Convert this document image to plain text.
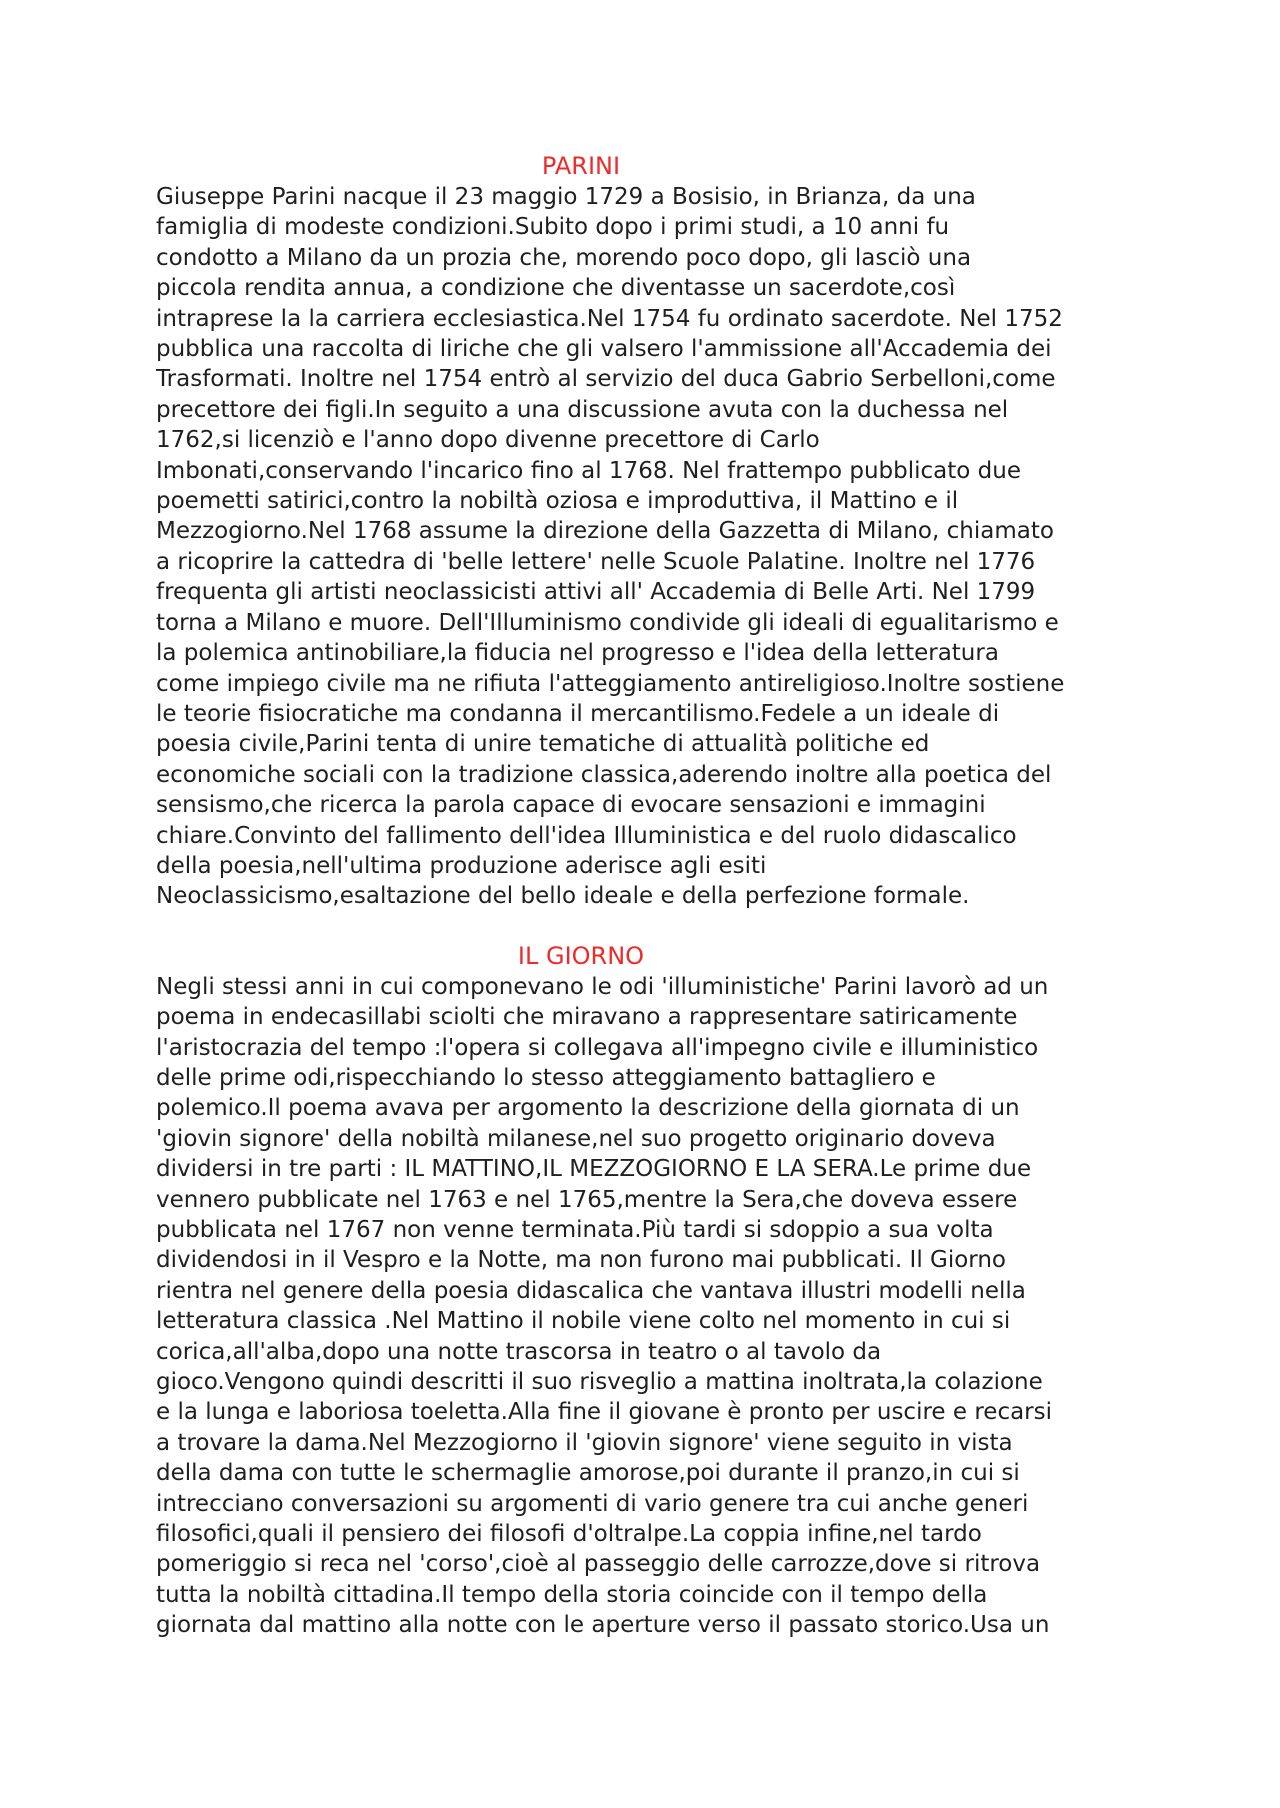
PARINI
Giuseppe Parini nacque il 23 maggio 1729 a Bosisio, in Brianza, da una
famiglia di modeste condizioni.Subito dopo i primi studi, a 10 anni fu
condotto a Milano da un prozia che, morendo poco dopo, gli lasciò una
piccola rendita annua, a condizione che diventasse un sacerdote,così
intraprese la la carriera ecclesiastica.Nel 1754 fu ordinato sacerdote. Nel 1752
pubblica una raccolta di liriche che gli valsero l'ammissione all'Accademia dei
Trasformati. Inoltre nel 1754 entrò al servizio del duca Gabrio Serbelloni,come
precettore dei figli.In seguito a una discussione avuta con la duchessa nel
1762,si licenziò e l'anno dopo divenne precettore di Carlo
Imbonati,conservando l'incarico fino al 1768. Nel frattempo pubblicato due
poemetti satirici,contro la nobiltà oziosa e improduttiva, il Mattino e il
Mezzogiorno.Nel 1768 assume la direzione della Gazzetta di Milano, chiamato
a ricoprire la cattedra di 'belle lettere' nelle Scuole Palatine. Inoltre nel 1776
frequenta gli artisti neoclassicisti attivi all' Accademia di Belle Arti. Nel 1799
torna a Milano e muore. Dell'Illuminismo condivide gli ideali di egualitarismo e
la polemica antinobiliare,la fiducia nel progresso e l'idea della letteratura
come impiego civile ma ne rifiuta l'atteggiamento antireligioso.Inoltre sostiene
le teorie fisiocratiche ma condanna il mercantilismo.Fedele a un ideale di
poesia civile,Parini tenta di unire tematiche di attualità politiche ed
economiche sociali con la tradizione classica,aderendo inoltre alla poetica del
sensismo,che ricerca la parola capace di evocare sensazioni e immagini
chiare.Convinto del fallimento dell'idea Illuministica e del ruolo didascalico
della poesia,nell'ultima produzione aderisce agli esiti
Neoclassicismo,esaltazione del bello ideale e della perfezione formale.
IL GIORNO
Negli stessi anni in cui componevano le odi 'illuministiche' Parini lavorò ad un
poema in endecasillabi sciolti che miravano a rappresentare satiricamente
l'aristocrazia del tempo :l'opera si collegava all'impegno civile e illuministico
delle prime odi,rispecchiando lo stesso atteggiamento battagliero e
polemico.Il poema avava per argomento la descrizione della giornata di un
'giovin signore' della nobiltà milanese,nel suo progetto originario doveva
dividersi in tre parti : IL MATTINO,IL MEZZOGIORNO E LA SERA.Le prime due
vennero pubblicate nel 1763 e nel 1765,mentre la Sera,che doveva essere
pubblicata nel 1767 non venne terminata.Più tardi si sdoppio a sua volta
dividendosi in il Vespro e la Notte, ma non furono mai pubblicati. Il Giorno
rientra nel genere della poesia didascalica che vantava illustri modelli nella
letteratura classica .Nel Mattino il nobile viene colto nel momento in cui si
corica,all'alba,dopo una notte trascorsa in teatro o al tavolo da
gioco.Vengono quindi descritti il suo risveglio a mattina inoltrata,la colazione
e la lunga e laboriosa toeletta.Alla fine il giovane è pronto per uscire e recarsi
a trovare la dama.Nel Mezzogiorno il 'giovin signore' viene seguito in vista
della dama con tutte le schermaglie amorose,poi durante il pranzo,in cui si
intrecciano conversazioni su argomenti di vario genere tra cui anche generi
filosofici,quali il pensiero dei filosofi d'oltralpe.La coppia infine,nel tardo
pomeriggio si reca nel 'corso',cioè al passeggio delle carrozze,dove si ritrova
tutta la nobiltà cittadina.Il tempo della storia coincide con il tempo della
giornata dal mattino alla notte con le aperture verso il passato storico.Usa un
